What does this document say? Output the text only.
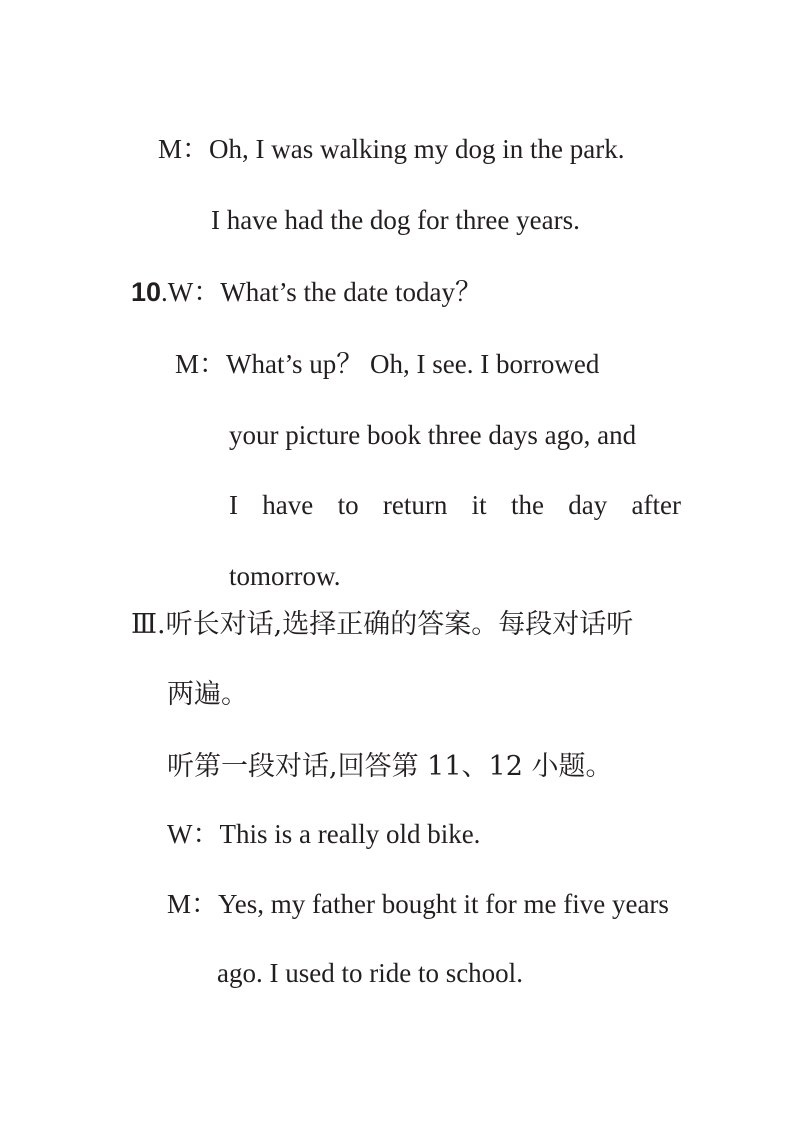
M：Oh, I was walking my dog in the park.
I have had the dog for three years.
10.W：What’s the date today？
M：What’s up？ Oh, I see. I borrowed
your picture book three days ago, and
I have to return it the day after
tomorrow.
Ⅲ.听长对话,选择正确的答案。每段对话听
两遍。
听第一段对话,回答第 11、12 小题。
W：This is a really old bike.
M：Yes, my father bought it for me five years
ago. I used to ride to school.
